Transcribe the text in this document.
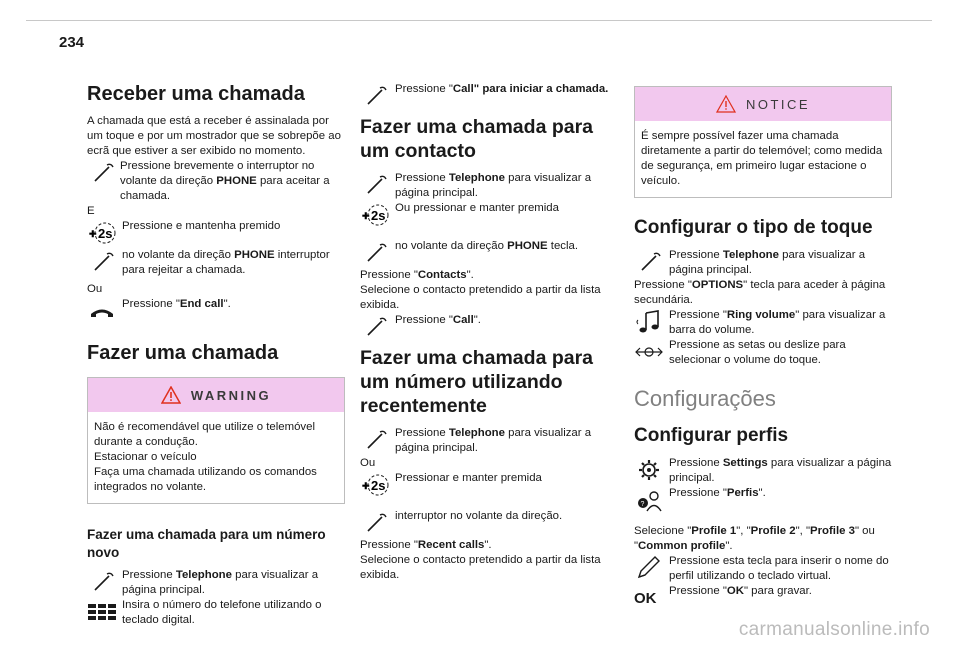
234
Receber uma chamada

A chamada que está a receber é assinalada por um toque e por um mostrador que se sobrepõe ao ecrã que estiver a ser exibido no momento.

Pressione brevemente o interruptor no volante da direção PHONE para aceitar a chamada.

E

✚ 2s Pressione e mantenha premido
no volante da direção PHONE interruptor para rejeitar a chamada.

Ou

Pressione "End call".
Fazer uma chamada
WARNING

Não é recomendável que utilize o telemóvel durante a condução.

Estacionar o veículo

Faça uma chamada utilizando os comandos integrados no volante.

Fazer uma chamada para um número novo
Pressione Telephone para visualizar a página principal.
Insira o número do telefone utilizando o teclado digital.
Pressione "Call" para iniciar a chamada.
Fazer uma chamada para um contacto
Pressione Telephone para visualizar a página principal.
✚ 2s Ou pressionar e manter premida
no volante da direção PHONE tecla.

Pressione "Contacts".

Selecione o contacto pretendido a partir da lista exibida.

Pressione "Call".
Fazer uma chamada para um número utilizando recentemente
Pressione Telephone para visualizar a página principal.

Ou

✚ 2s Pressionar e manter premida
interruptor no volante da direção.

Pressione "Recent calls".

Selecione o contacto pretendido a partir da lista exibida.

NOTICE

É sempre possível fazer uma chamada diretamente a partir do telemóvel; como medida de segurança, em primeiro lugar estacione o veículo.

Configurar o tipo de toque
Pressione Telephone para visualizar a página principal.

Pressione "OPTIONS" tecla para aceder à página secundária.

Pressione "Ring volume" para visualizar a barra do volume.
Pressione as setas ou deslize para selecionar o volume do toque.
Configurações
Configurar perfis
Pressione Settings para visualizar a página principal.
?
Pressione "Perfis".

Selecione "Profile 1", "Profile 2", "Profile 3" ou "Common profile".

Pressione esta tecla para inserir o nome do perfil utilizando o teclado virtual.
OK	Pressione "OK" para gravar.
carmanualsonline.info
